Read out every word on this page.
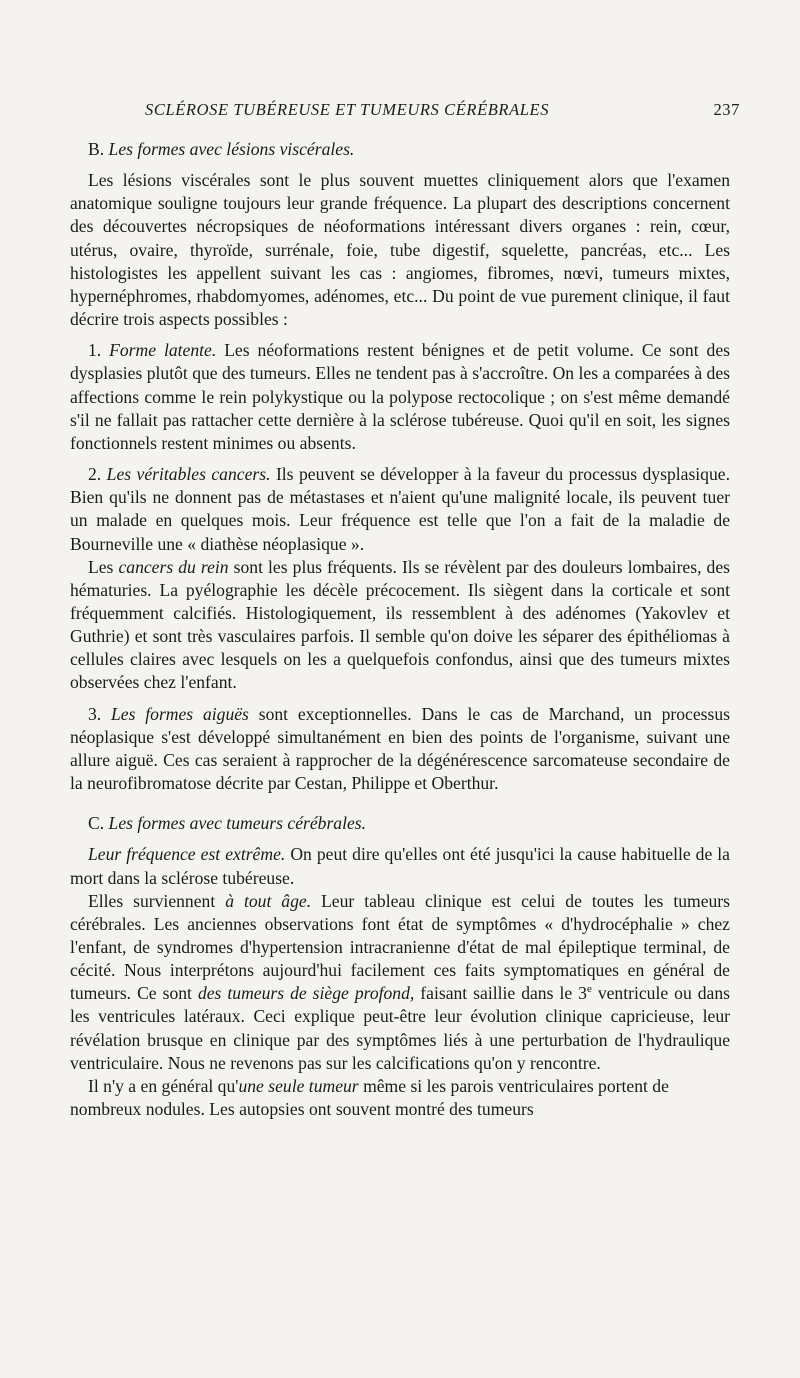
SCLÉROSE TUBÉREUSE ET TUMEURS CÉRÉBRALES	237

B. Les formes avec lésions viscérales.

Les lésions viscérales sont le plus souvent muettes cliniquement alors que l'examen anatomique souligne toujours leur grande fréquence. La plupart des descriptions concernent des découvertes nécropsiques de néoformations intéressant divers organes : rein, cœur, utérus, ovaire, thyroïde, surrénale, foie, tube digestif, squelette, pancréas, etc... Les histologistes les appellent suivant les cas : angiomes, fibromes, nœvi, tumeurs mixtes, hypernéphromes, rhabdomyomes, adénomes, etc... Du point de vue purement clinique, il faut décrire trois aspects possibles :

1. Forme latente. Les néoformations restent bénignes et de petit volume. Ce sont des dysplasies plutôt que des tumeurs. Elles ne tendent pas à s'accroître. On les a comparées à des affections comme le rein polykystique ou la polypose rectocolique ; on s'est même demandé s'il ne fallait pas rattacher cette dernière à la sclérose tubéreuse. Quoi qu'il en soit, les signes fonctionnels restent minimes ou absents.

2. Les véritables cancers. Ils peuvent se développer à la faveur du processus dysplasique. Bien qu'ils ne donnent pas de métastases et n'aient qu'une malignité locale, ils peuvent tuer un malade en quelques mois. Leur fréquence est telle que l'on a fait de la maladie de Bourneville une « diathèse néoplasique ».

Les cancers du rein sont les plus fréquents. Ils se révèlent par des douleurs lombaires, des hématuries. La pyélographie les décèle précocement. Ils siègent dans la corticale et sont fréquemment calcifiés. Histologiquement, ils ressemblent à des adénomes (Yakovlev et Guthrie) et sont très vasculaires parfois. Il semble qu'on doive les séparer des épithéliomas à cellules claires avec lesquels on les a quelquefois confondus, ainsi que des tumeurs mixtes observées chez l'enfant.

3. Les formes aiguës sont exceptionnelles. Dans le cas de Marchand, un processus néoplasique s'est développé simultanément en bien des points de l'organisme, suivant une allure aiguë. Ces cas seraient à rapprocher de la dégénérescence sarcomateuse secondaire de la neurofibromatose décrite par Cestan, Philippe et Oberthur.

C. Les formes avec tumeurs cérébrales.

Leur fréquence est extrême. On peut dire qu'elles ont été jusqu'ici la cause habituelle de la mort dans la sclérose tubéreuse.

Elles surviennent à tout âge. Leur tableau clinique est celui de toutes les tumeurs cérébrales. Les anciennes observations font état de symptômes « d'hydrocéphalie » chez l'enfant, de syndromes d'hypertension intracranienne d'état de mal épileptique terminal, de cécité. Nous interprétons aujourd'hui facilement ces faits symptomatiques en général de tumeurs. Ce sont des tumeurs de siège profond, faisant saillie dans le 3e ventricule ou dans les ventricules latéraux. Ceci explique peut-être leur évolution clinique capricieuse, leur révélation brusque en clinique par des symptômes liés à une perturbation de l'hydraulique ventriculaire. Nous ne revenons pas sur les calcifications qu'on y rencontre.

Il n'y a en général qu'une seule tumeur même si les parois ventriculaires portent de nombreux nodules. Les autopsies ont souvent montré des tumeurs
